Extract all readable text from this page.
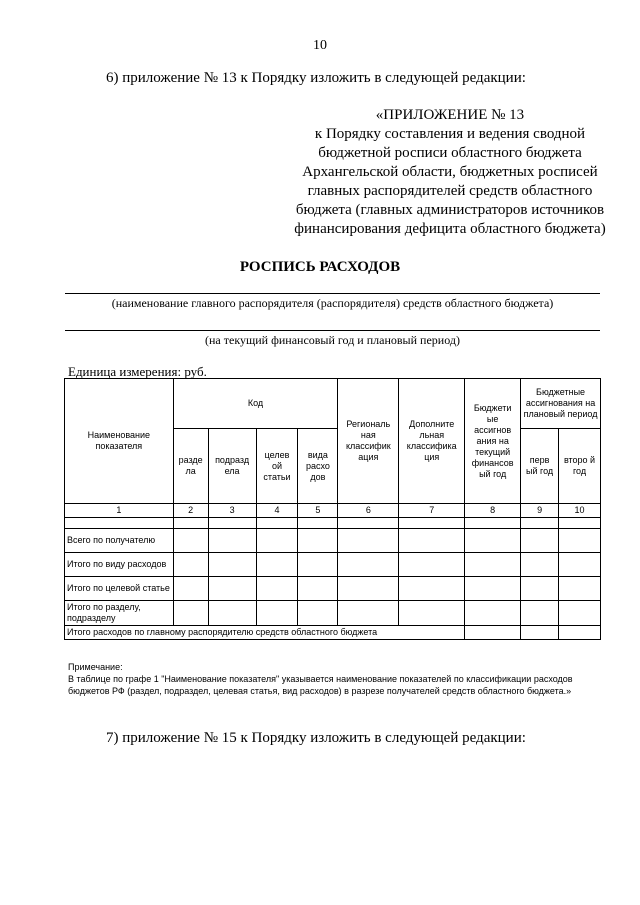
10
6) приложение № 13 к Порядку изложить в следующей редакции:
«ПРИЛОЖЕНИЕ № 13
к Порядку составления и ведения сводной
бюджетной росписи областного бюджета
Архангельской области, бюджетных росписей
главных распорядителей средств областного
бюджета (главных администраторов источников
финансирования дефицита областного бюджета)
РОСПИСЬ РАСХОДОВ
(наименование главного распорядителя (распорядителя) средств областного бюджета)
(на текущий финансовый год и плановый период)
Единица измерения: руб.
Наименование показателя	Код				Региональ ная классифик ация	Дополните льная классифика ция	Бюджети ые ассигнов ания на текущий финансов ый год	Бюджетные ассигнования на плановый период	
	разде ла	подразд ела	целев ой статьи	вида расхо дов				перв ый год	второ й год
1	2	3	4	5	6	7	8	9	10

Всего по получателю									
Итого по виду расходов									
Итого по целевой статье									
Итого по разделу, подразделу									
Итого расходов по главному распорядителю средств областного бюджета									
Примечание:
В таблице по графе 1 "Наименование показателя" указывается наименование показателей по классификации расходов бюджетов РФ (раздел, подраздел, целевая статья, вид расходов) в разрезе получателей средств областного бюджета.»
7) приложение № 15 к Порядку изложить в следующей редакции:
